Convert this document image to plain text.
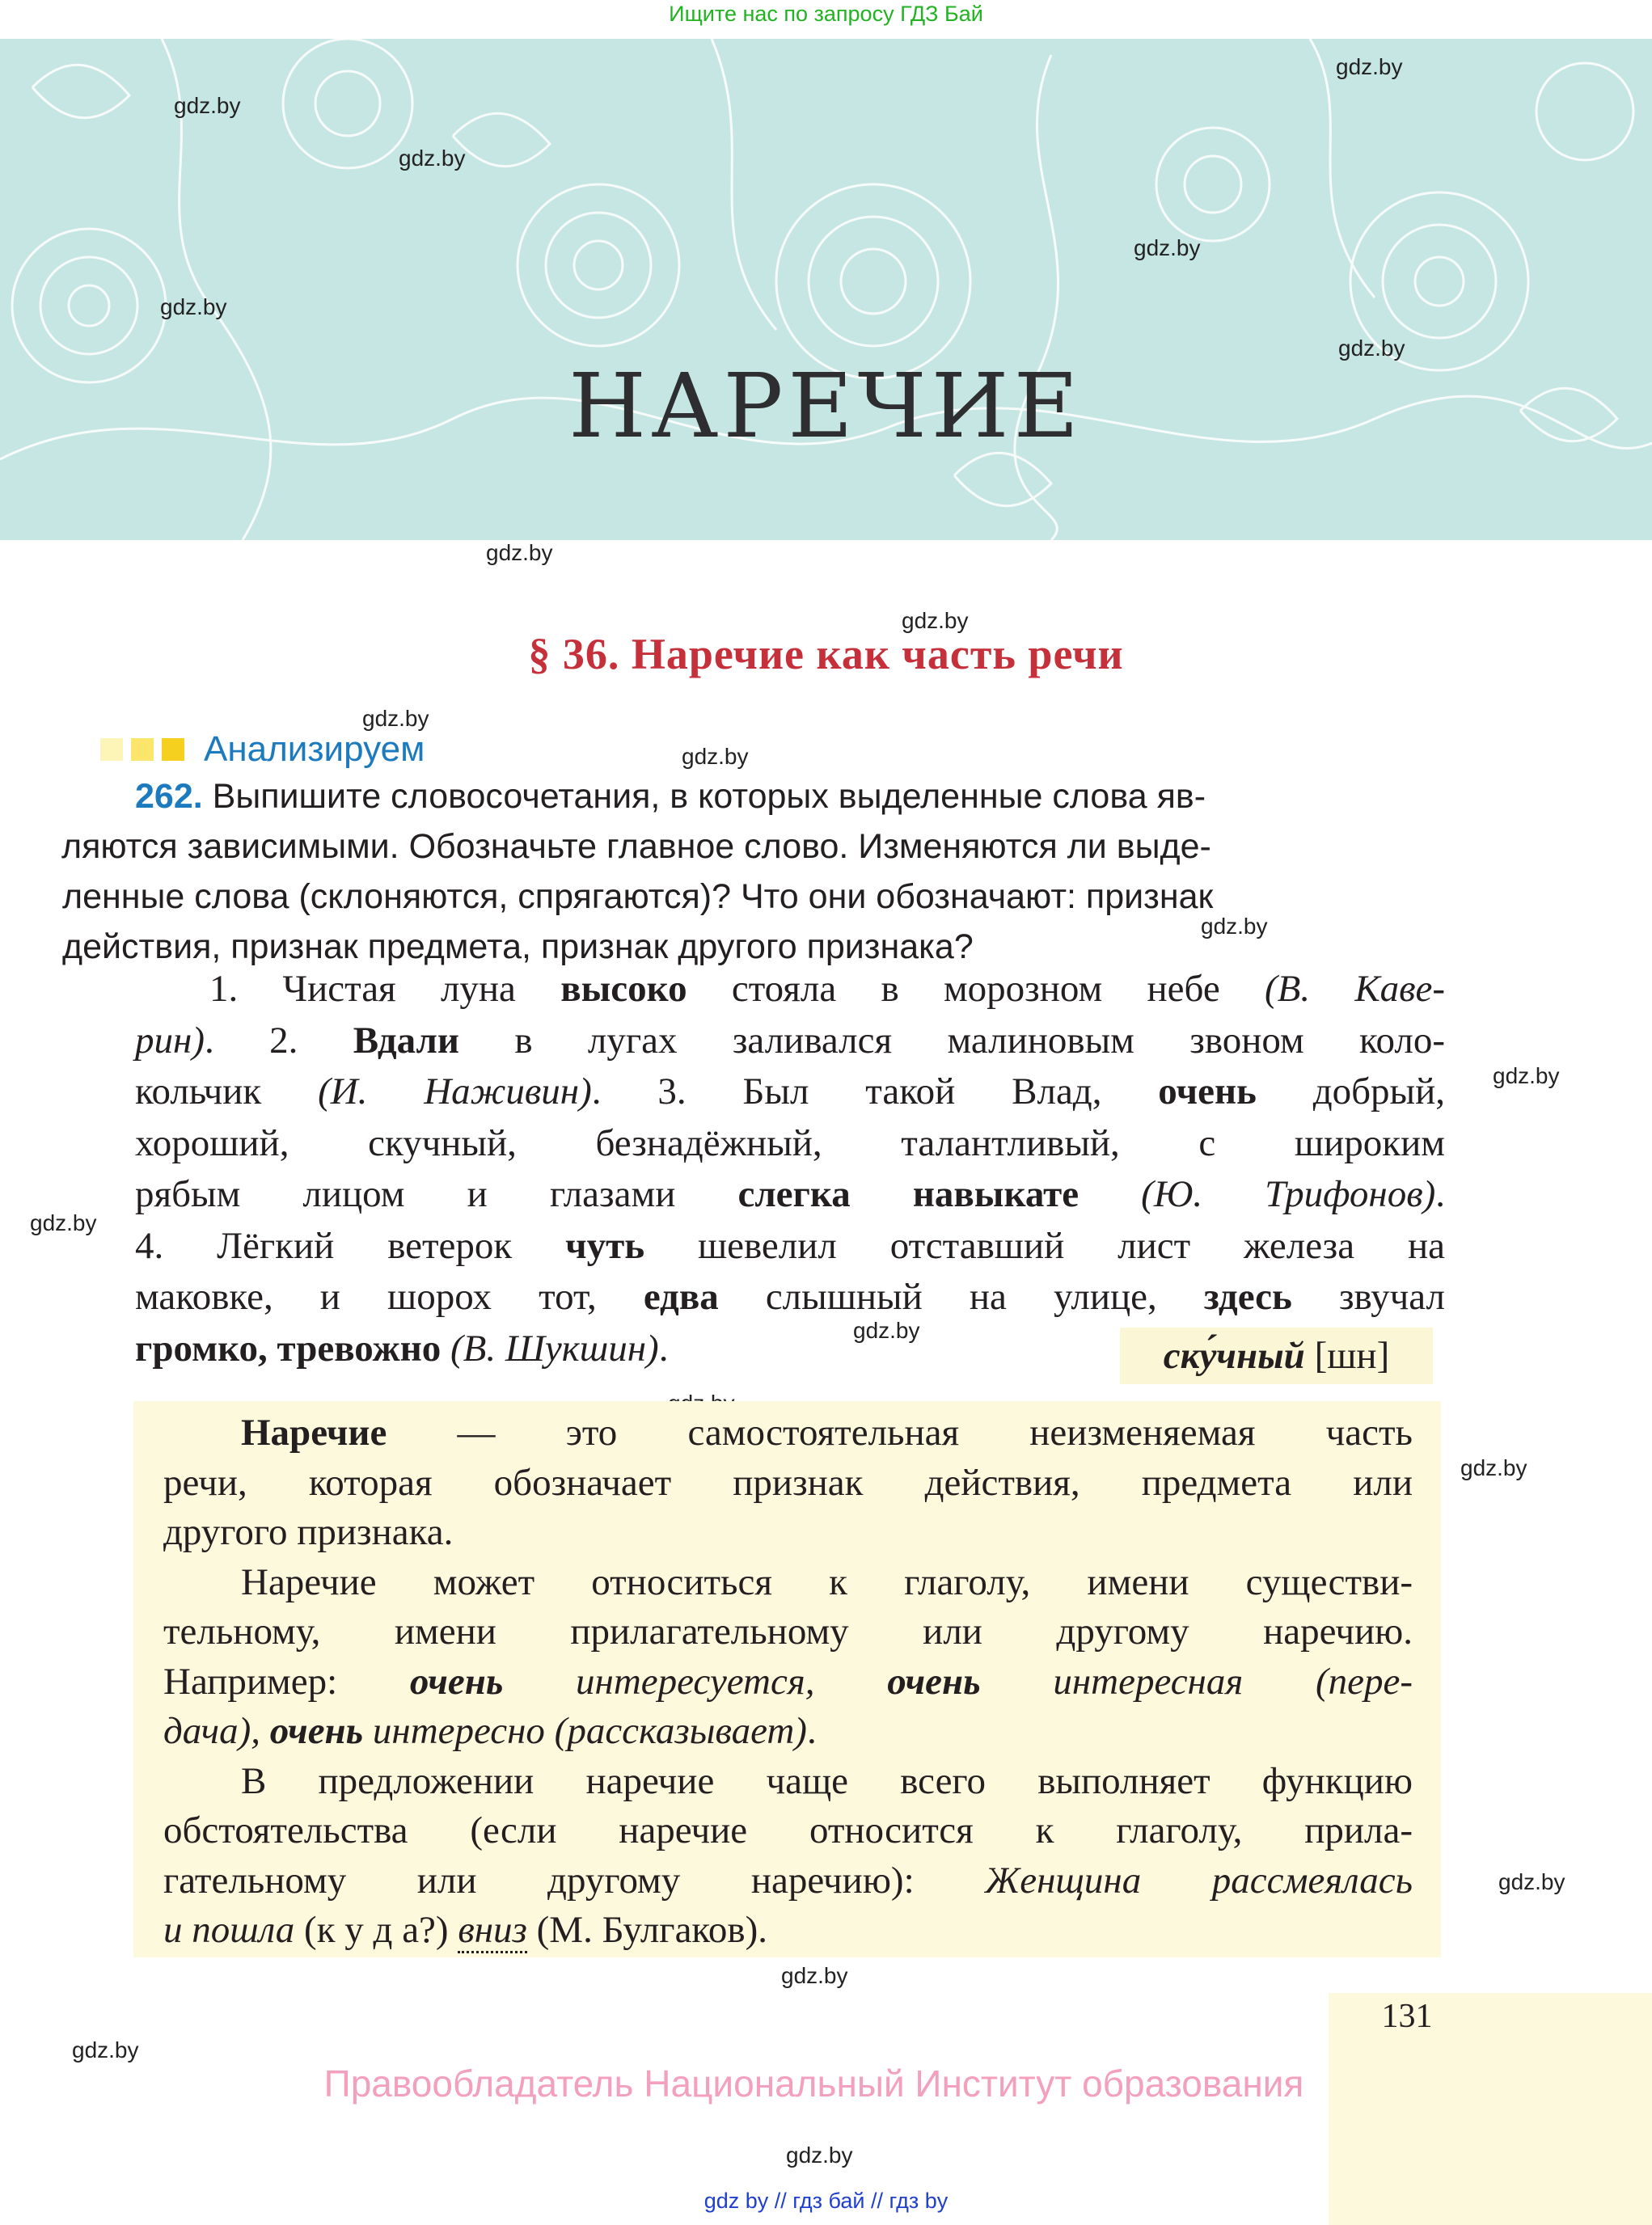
Ищите нас по запросу ГДЗ Бай
НАРЕЧИЕ
gdz.by
gdz.by
gdz.by
gdz.by
gdz.by
gdz.by
gdz.by
gdz.by
gdz.by
gdz.by
gdz.by
gdz.by
gdz.by
gdz.by
gdz.by
gdz.by
gdz.by
gdz.by
gdz.by
§ 36. Наречие как часть речи
Анализируем
262. Выпишите словосочетания, в которых выделенные слова яв-
ляются зависимыми. Обозначьте главное слово. Изменяются ли выде-
ленные слова (склоняются, спрягаются)? Что они обозначают: признак
действия, признак предмета, признак другого признака?
1. Чистая луна высоко стояла в морозном небе (В. Каве-
рин). 2. Вдали в лугах заливался малиновым звоном коло-
кольчик (И. Наживин). 3. Был такой Влад, очень добрый,
хороший, скучный, безнадёжный, талантливый, с широким
рябым лицом и глазами слегка навыкате (Ю. Трифонов).
4. Лёгкий ветерок чуть шевелил отставший лист железа на
маковке, и шорох тот, едва слышный на улице, здесь звучал
громко, тревожно (В. Шукшин).	ску́чный [шн]
Наречие — это самостоятельная неизменяемая часть
речи, которая обозначает признак действия, предмета или
другого признака.
Наречие может относиться к глаголу, имени существи-
тельному, имени прилагательному или другому наречию.
Например: очень интересуется, очень интересная (пере-
дача), очень интересно (рассказывает).
В предложении наречие чаще всего выполняет функцию
обстоятельства (если наречие относится к глаголу, прила-
гательному или другому наречию): Женщина рассмеялась
и пошла (к у д а?) вниз (М. Булгаков).
131
Правообладатель Национальный Институт образования
gdz by // гдз бай // гдз by
